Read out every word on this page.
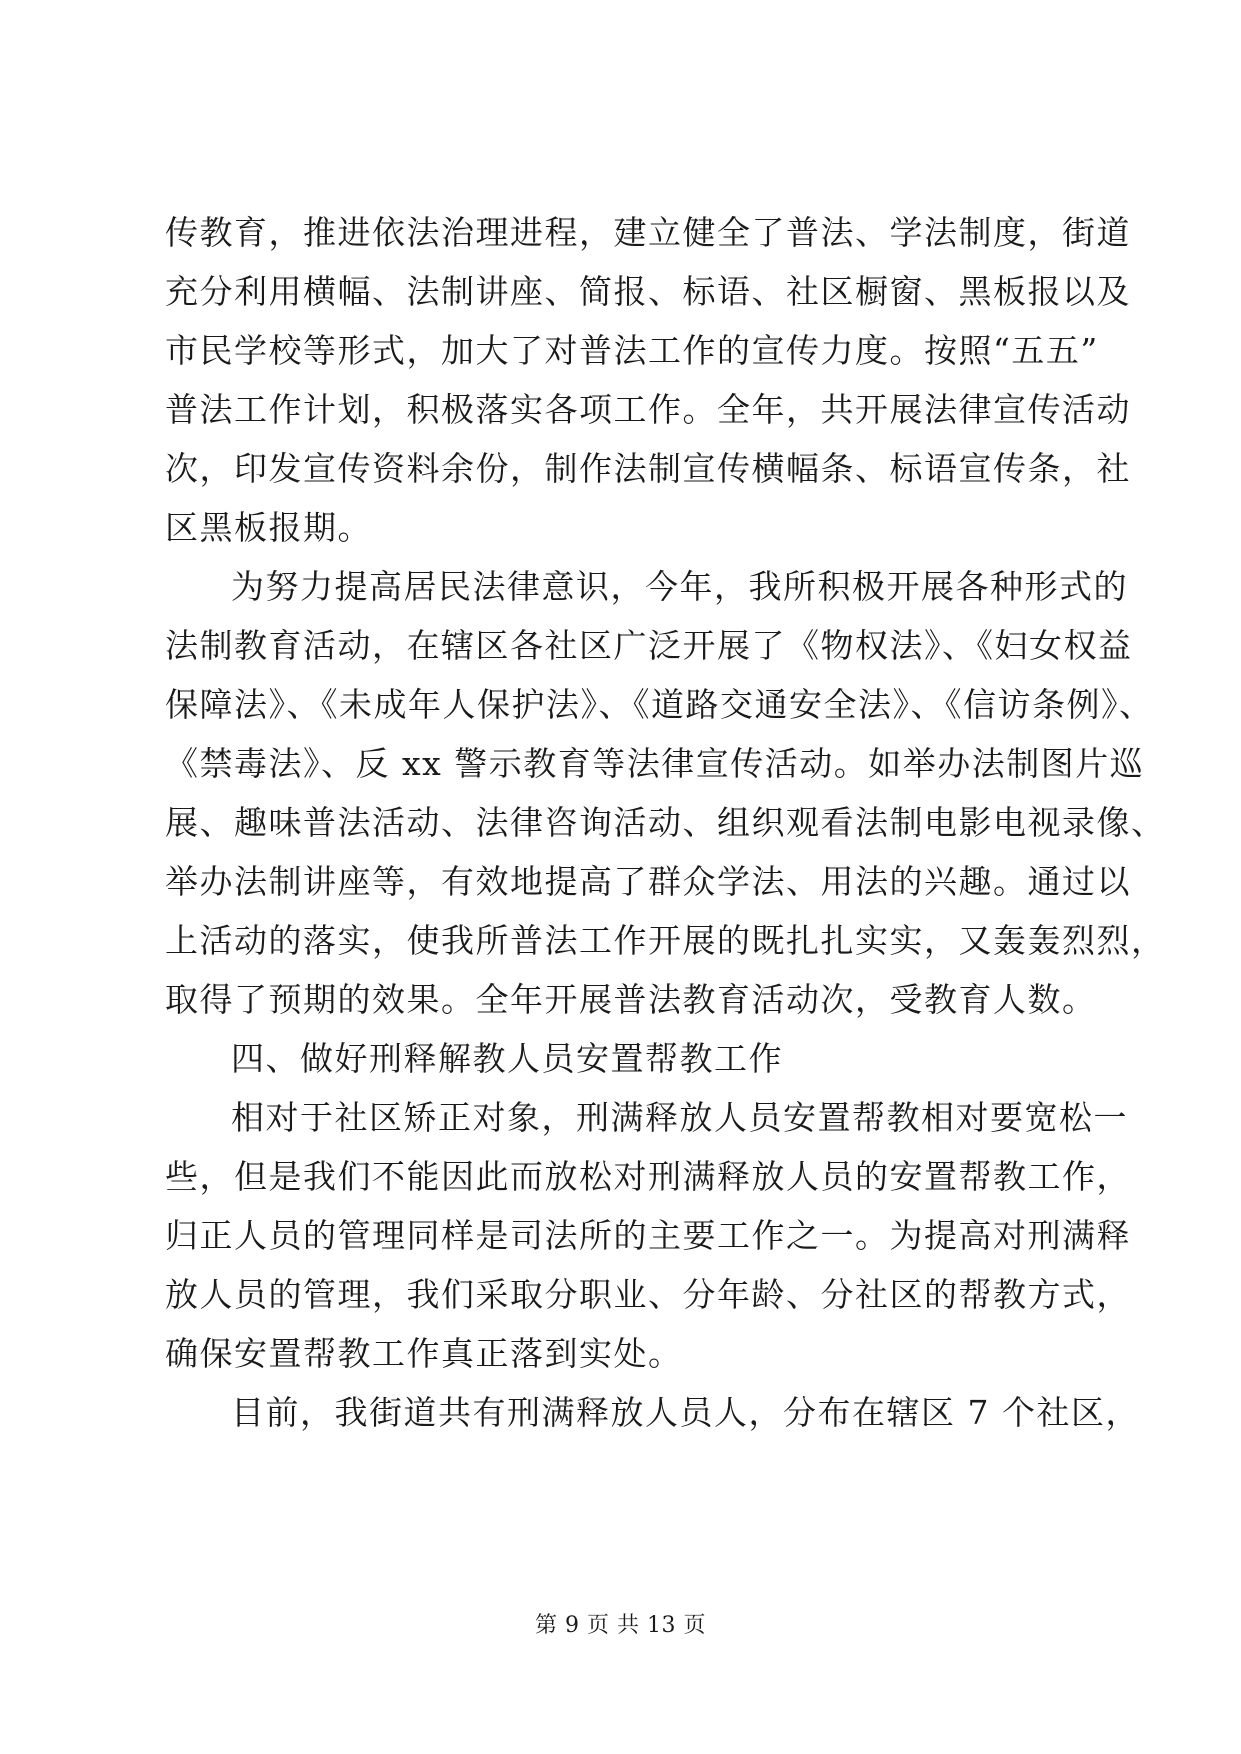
传教育，推进依法治理进程，建立健全了普法、学法制度，街道
充分利用横幅、法制讲座、简报、标语、社区橱窗、黑板报以及
市民学校等形式，加大了对普法工作的宣传力度。按照“五五”
普法工作计划，积极落实各项工作。全年，共开展法律宣传活动
次，印发宣传资料余份，制作法制宣传横幅条、标语宣传条，社
区黑板报期。
为努力提高居民法律意识，今年，我所积极开展各种形式的
法制教育活动，在辖区各社区广泛开展了《物权法》、《妇女权益
保障法》、《未成年人保护法》、《道路交通安全法》、《信访条例》、
《禁毒法》、反 xx 警示教育等法律宣传活动。如举办法制图片巡
展、趣味普法活动、法律咨询活动、组织观看法制电影电视录像、
举办法制讲座等，有效地提高了群众学法、用法的兴趣。通过以
上活动的落实，使我所普法工作开展的既扎扎实实，又轰轰烈烈，
取得了预期的效果。全年开展普法教育活动次，受教育人数。
四、做好刑释解教人员安置帮教工作
相对于社区矫正对象，刑满释放人员安置帮教相对要宽松一
些，但是我们不能因此而放松对刑满释放人员的安置帮教工作，
归正人员的管理同样是司法所的主要工作之一。为提高对刑满释
放人员的管理，我们采取分职业、分年龄、分社区的帮教方式，
确保安置帮教工作真正落到实处。
目前，我街道共有刑满释放人员人，分布在辖区 7 个社区，
第 9 页 共 13 页
